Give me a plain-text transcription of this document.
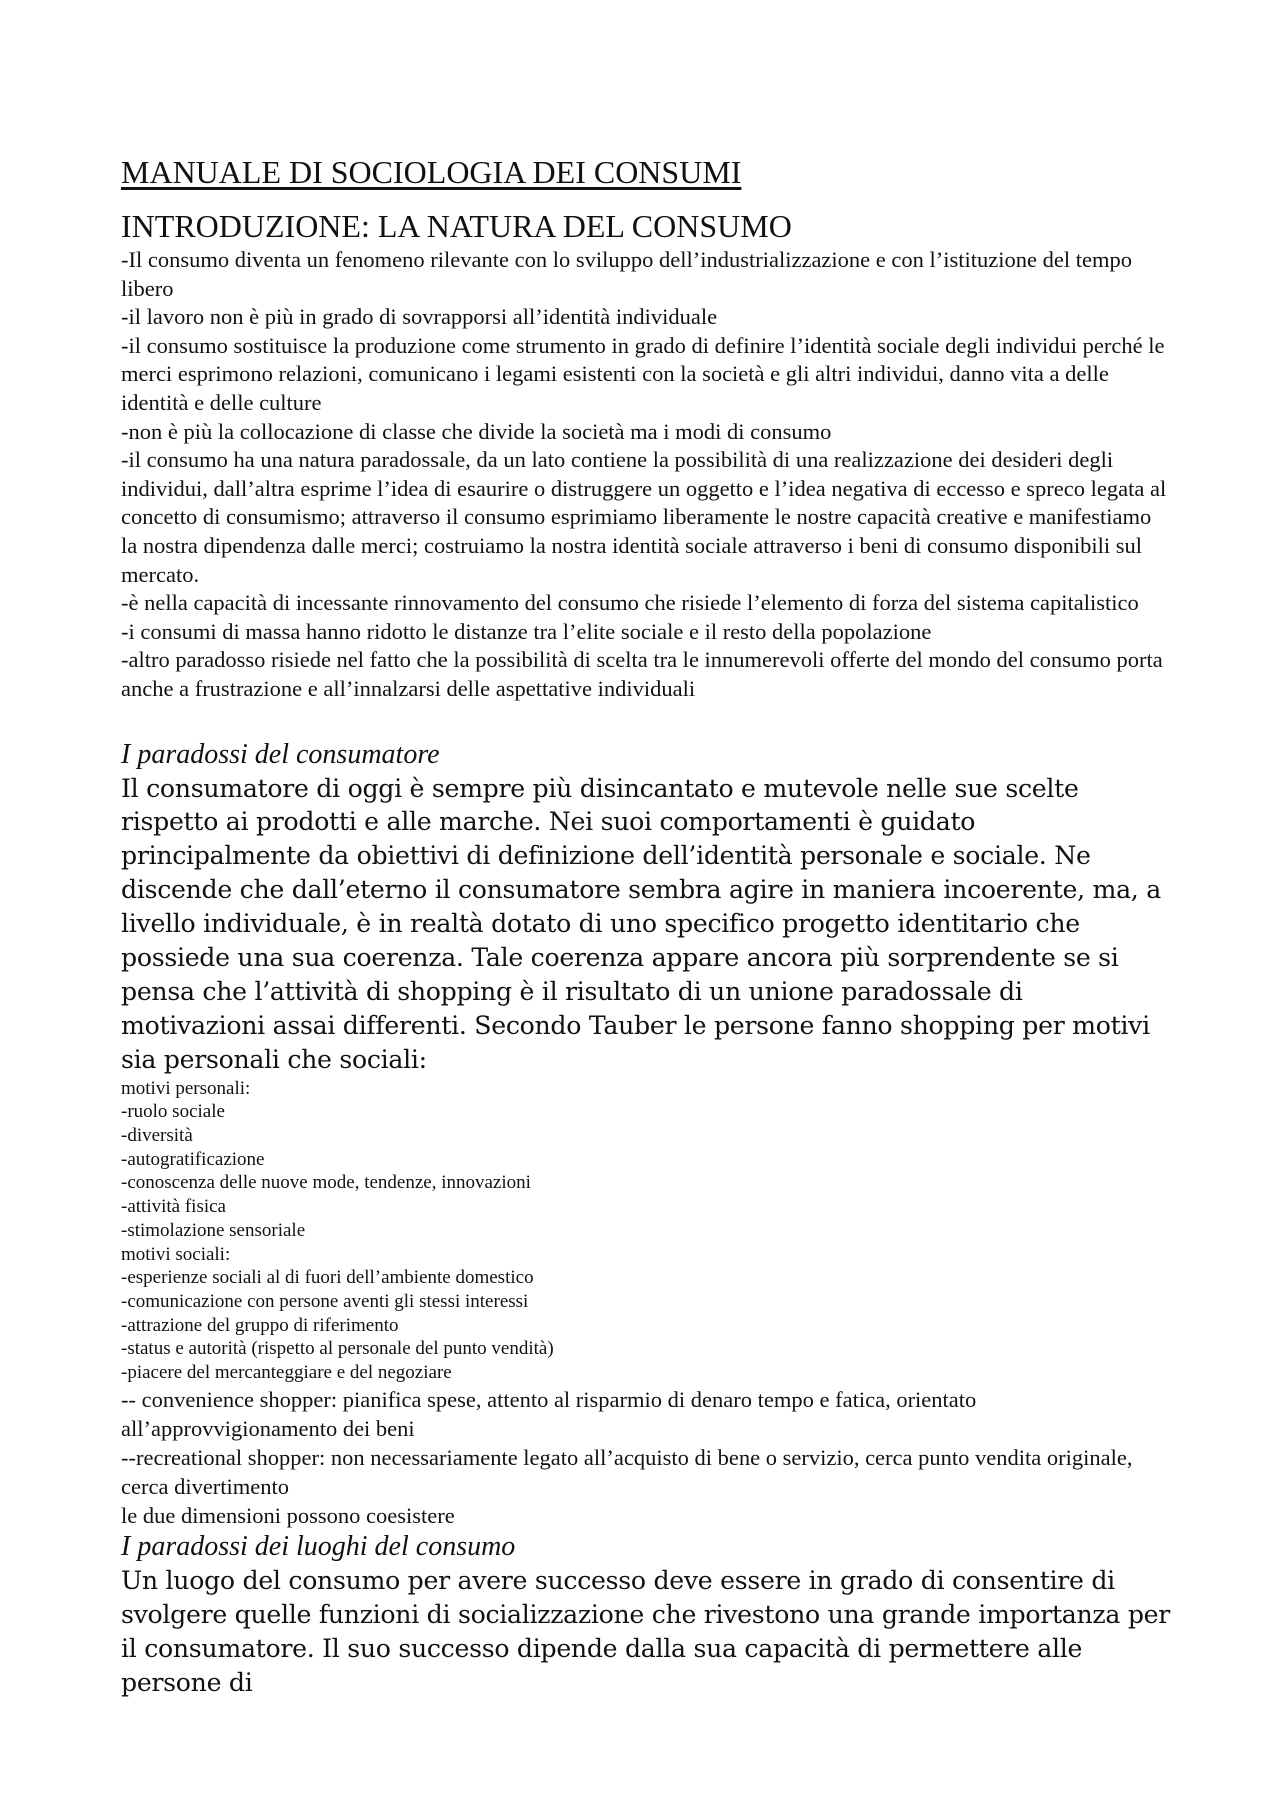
MANUALE DI SOCIOLOGIA DEI CONSUMI
INTRODUZIONE: LA NATURA DEL CONSUMO
-Il consumo diventa un fenomeno rilevante con lo sviluppo dell’industrializzazione e con l’istituzione del tempo libero
-il lavoro non è più in grado di sovrapporsi all’identità individuale
-il consumo sostituisce la produzione come strumento in grado di definire l’identità sociale degli individui perché le merci esprimono relazioni, comunicano i legami esistenti con la società e gli altri individui, danno vita a delle identità e delle culture
-non è più la collocazione di classe che divide la società ma i modi di consumo
-il consumo ha una natura paradossale, da un lato contiene la possibilità di una realizzazione dei desideri degli individui, dall’altra esprime l’idea di esaurire o distruggere un oggetto e l’idea negativa di eccesso e spreco legata al concetto di consumismo; attraverso il consumo esprimiamo liberamente le nostre capacità creative e manifestiamo la nostra dipendenza dalle merci; costruiamo la nostra identità sociale attraverso i beni di consumo disponibili sul mercato.
-è nella capacità di incessante rinnovamento del consumo che risiede l’elemento di forza del sistema capitalistico
-i consumi di massa hanno ridotto le distanze tra l’elite sociale e il resto della popolazione
-altro paradosso risiede nel fatto che la possibilità di scelta tra le innumerevoli offerte del mondo del consumo porta anche a frustrazione e all’innalzarsi delle aspettative individuali
I paradossi del consumatore

Il consumatore di oggi è sempre più disincantato e mutevole nelle sue scelte rispetto ai prodotti e alle marche. Nei suoi comportamenti è guidato principalmente da obiettivi di definizione dell’identità personale e sociale. Ne discende che dall’eterno il consumatore sembra agire in maniera incoerente, ma, a livello individuale, è in realtà dotato di uno specifico progetto identitario che possiede una sua coerenza. Tale coerenza appare ancora più sorprendente se si pensa che l’attività di shopping è il risultato di un unione paradossale di motivazioni assai differenti. Secondo Tauber le persone fanno shopping per motivi sia personali che sociali:

motivi personali:
-ruolo sociale
-diversità
-autogratificazione
-conoscenza delle nuove mode, tendenze, innovazioni
-attività fisica
-stimolazione sensoriale
motivi sociali:
-esperienze sociali al di fuori dell’ambiente domestico
-comunicazione con persone aventi gli stessi interessi
-attrazione del gruppo di riferimento
-status e autorità (rispetto al personale del punto vendità)
-piacere del mercanteggiare e del negoziare
-- convenience shopper: pianifica spese, attento al risparmio di denaro tempo e fatica, orientato all’approvvigionamento dei beni
--recreational shopper: non necessariamente legato all’acquisto di bene o servizio, cerca punto vendita originale, cerca divertimento
le due dimensioni possono coesistere
I paradossi dei luoghi del consumo

Un luogo del consumo per avere successo deve essere in grado di consentire di svolgere quelle funzioni di socializzazione che rivestono una grande importanza per il consumatore. Il suo successo dipende dalla sua capacità di permettere alle persone di
